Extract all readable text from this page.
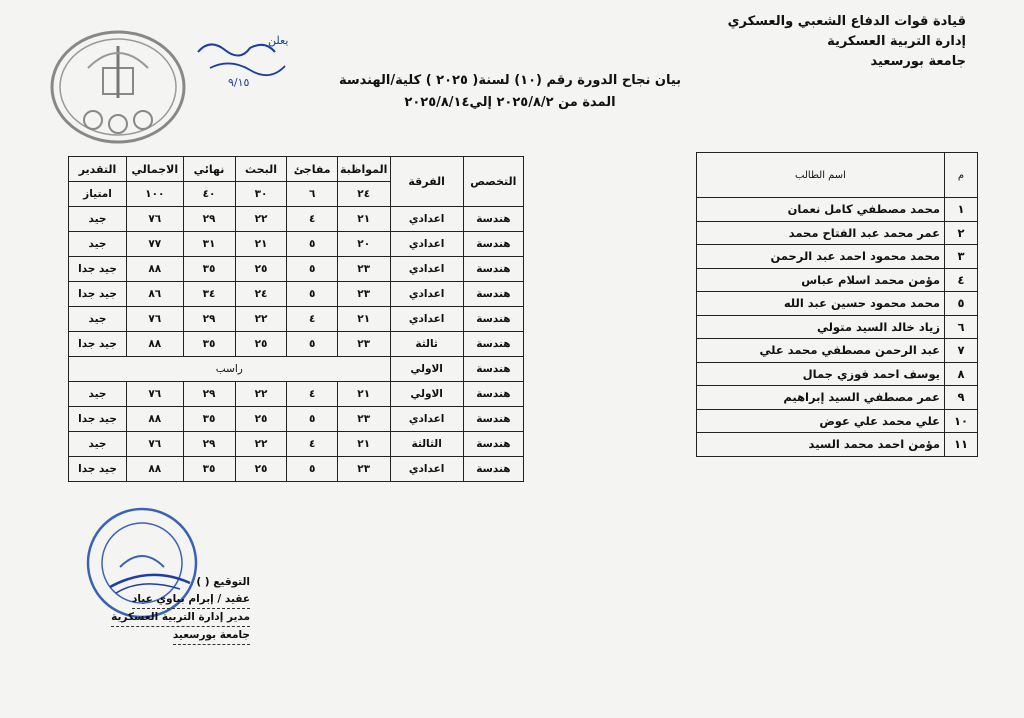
يعلن
٩/١٥
قيادة قوات الدفاع الشعبي والعسكري
إدارة التربية العسكرية
جامعة بورسعيد
بيان نجاح الدورة رقم (١٠) لسنة( ٢٠٢٥ ) كلية/الهندسة
المدة من ٢٠٢٥/٨/٢ إلي٢٠٢٥/٨/١٤
م	اسم الطالب
١	محمد مصطفي كامل نعمان
٢	عمر محمد عبد الفتاح محمد
٣	محمد محمود احمد عبد الرحمن
٤	مؤمن محمد اسلام عباس
٥	محمد محمود حسين عبد الله
٦	زياد خالد السيد متولي
٧	عبد الرحمن مصطفي محمد علي
٨	يوسف احمد فوزي جمال
٩	عمر مصطفي السيد إبراهيم
١٠	علي محمد علي عوض
١١	مؤمن احمد محمد السيد
التخصص	الفرقة	المواظبة	مفاجئ	البحث	نهائي	الاجمالي	التقدير
		٢٤	٦	٣٠	٤٠	١٠٠	امتياز
هندسة	اعدادي	٢١	٤	٢٢	٢٩	٧٦	جيد
هندسة	اعدادي	٢٠	٥	٢١	٣١	٧٧	جيد
هندسة	اعدادي	٢٣	٥	٢٥	٣٥	٨٨	جيد جدا
هندسة	اعدادي	٢٣	٥	٢٤	٣٤	٨٦	جيد جدا
هندسة	اعدادي	٢١	٤	٢٢	٢٩	٧٦	جيد
هندسة	ثالثة	٢٣	٥	٢٥	٣٥	٨٨	جيد جدا
هندسة	الاولي	راسب					
هندسة	الاولي	٢١	٤	٢٢	٢٩	٧٦	جيد
هندسة	اعدادي	٢٣	٥	٢٥	٣٥	٨٨	جيد جدا
هندسة	الثالثة	٢١	٤	٢٢	٢٩	٧٦	جيد
هندسة	اعدادي	٢٣	٥	٢٥	٣٥	٨٨	جيد جدا
التوقيع ( )
عقيد / إبرام بباوي عياد
مدير إدارة التربية العسكرية
جامعة بورسعيد
